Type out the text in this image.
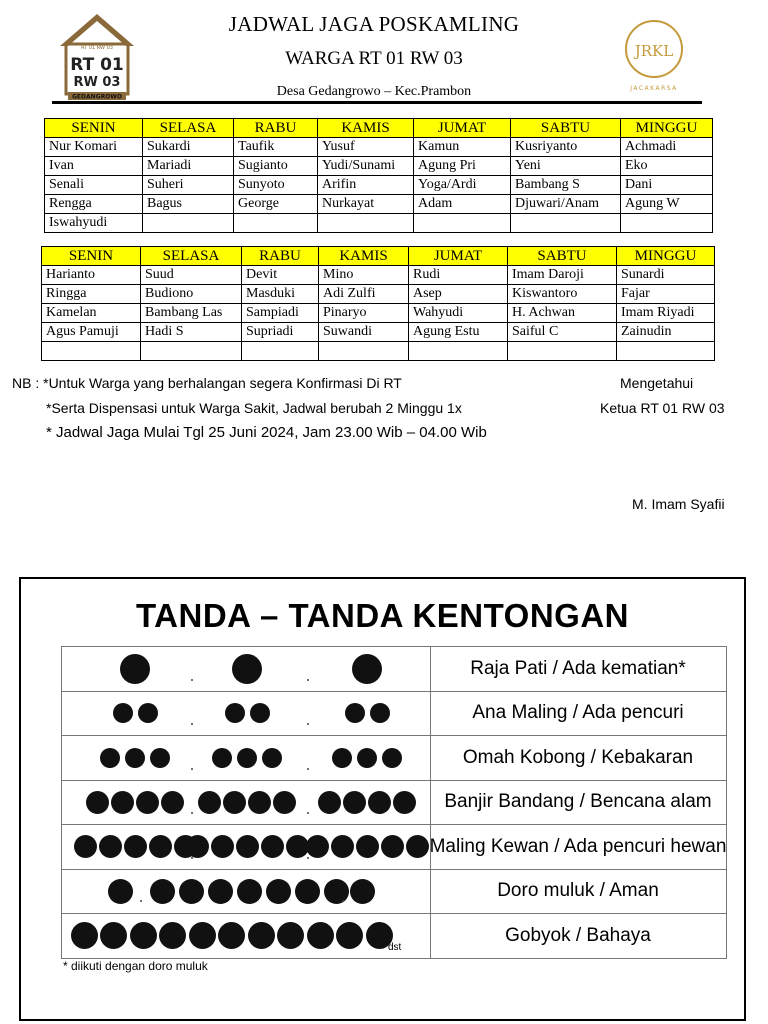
RT 01 RW 03
RT 01
RW 03
GEDANGROWO
JADWAL JAGA POSKAMLING
WARGA RT 01 RW 03
Desa Gedangrowo – Kec.Prambon
JRKL
JACAKARSA
SENIN	SELASA	RABU	KAMIS	JUMAT	SABTU	MINGGU
Nur Komari	Sukardi	Taufik	Yusuf	Kamun	Kusriyanto	Achmadi
Ivan	Mariadi	Sugianto	Yudi/Sunami	Agung Pri	Yeni	Eko
Senali	Suheri	Sunyoto	Arifin	Yoga/Ardi	Bambang S	Dani
Rengga	Bagus	George	Nurkayat	Adam	Djuwari/Anam	Agung W
Iswahyudi						
SENIN	SELASA	RABU	KAMIS	JUMAT	SABTU	MINGGU
Harianto	Suud	Devit	Mino	Rudi	Imam Daroji	Sunardi
Ringga	Budiono	Masduki	Adi Zulfi	Asep	Kiswantoro	Fajar
Kamelan	Bambang Las	Sampiadi	Pinaryo	Wahyudi	H. Achwan	Imam Riyadi
Agus Pamuji	Hadi S	Supriadi	Suwandi	Agung Estu	Saiful C	Zainudin

NB : *Untuk Warga yang berhalangan segera Konfirmasi Di RT
*Serta Dispensasi untuk Warga Sakit, Jadwal berubah 2 Minggu 1x
* Jadwal Jaga Mulai Tgl 25 Juni 2024, Jam 23.00 Wib – 04.00 Wib
Mengetahui
Ketua RT 01 RW 03
M. Imam Syafii
TANDA – TANDA KENTONGAN
Raja Pati / Ada kematian*
Ana Maling / Ada pencuri
Omah Kobong / Kebakaran
Banjir Bandang / Bencana alam
Maling Kewan / Ada pencuri hewan
Doro muluk / Aman
dst
Gobyok / Bahaya
* diikuti dengan doro muluk
